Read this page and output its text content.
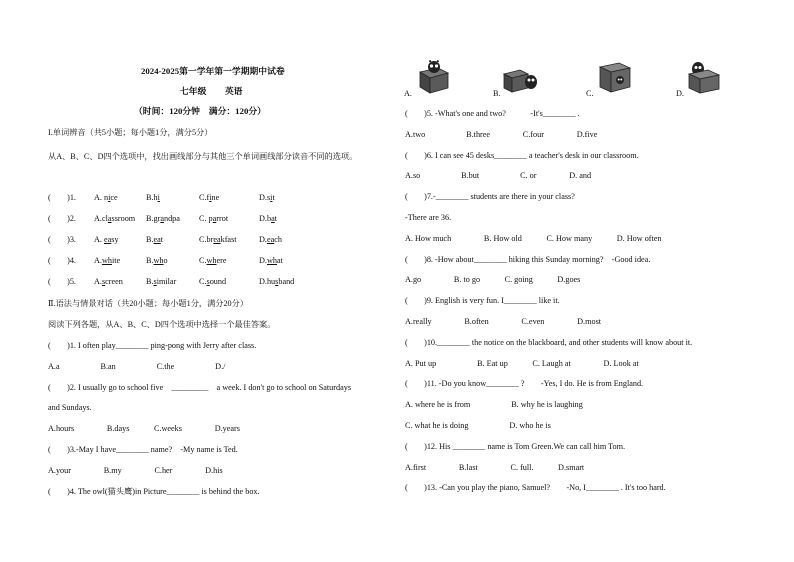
2024-2025第一学年第一学期期中试卷
七年级 英语
（时间：120分钟　满分：120分）
I.单词辨音（共5小题；每小题1分，满分5分）
从A、B、C、D四个选项中，找出画线部分与其他三个单词画线部分读音不同的选项。
(　　)1. A. nice	B.hi	C.fine	D.sit
(　　)2. A.classroom B.grandpa C. parrot	D.bat
(　　)3. A. easy	B.eat	C.breakfast	D.each
(　　)4. A.white	B.who	C.where	D.what
(　　)5. A.screen	B.similar	C.sound	D.husband
Ⅱ.语法与情景对话（共20小题；每小题1分，满分20分）
阅读下列各题，从A、B、C、D四个选项中选择一个最佳答案。
(　　)1. I often play________ ping-pong with Jerry after class.
A.a　　　　　B.an　　　　　C.the　　　　　D./
(　　)2. I usually go to school five　_________　a week. I don't go to school on Saturdays
and Sundays.
A.hours　　　　B.days　　　C.weeks　　　　D.years
(　　)3.-May I have________ name?　-My name is Ted.
A.your　　　　B.my　　　　C.her　　　　D.his
(　　)4. The owl(猫头鹰)in Picture________ is behind the box.
A.	B.	C.	D.
(　　)5. -What's one and two?　　　-It's________ .
A.two　　　　　B.three　　　　C.four　　　　D.five
(　　)6. I can see 45 desks________ a teacher's desk in our classroom.
A.so　　　　　B.but　　　　　C. or　　　　D. and
(　　)7.-________ students are there in your class?
-There are 36.
A. How much　　　　B. How old　　　C. How many　　　D. How often
(　　)8. -How about________ hiking this Sunday morning?　-Good idea.
A.go　　　　B. to go　　　C. going　　　D.goes
(　　)9. English is very fun. I________ like it.
A.really　　　　B.often　　　　C.even　　　　D.most
(　　)10.________ the notice on the blackboard, and other students will know about it.
A. Put up　　　　　B. Eat up　　　C. Laugh at　　　　D. Look at
(　　)11. -Do you know________ ?　　-Yes, I do. He is from England.
A. where he is from　　　　　B. why he is laughing
C. what he is doing　　　　　D. who he is
(　　)12. His ________ name is Tom Green.We can call him Tom.
A.first　　　　B.last　　　　C. full.　　　D.smart
(　　)13. -Can you play the piano, Samuel?　　-No, I________ . It's too hard.
